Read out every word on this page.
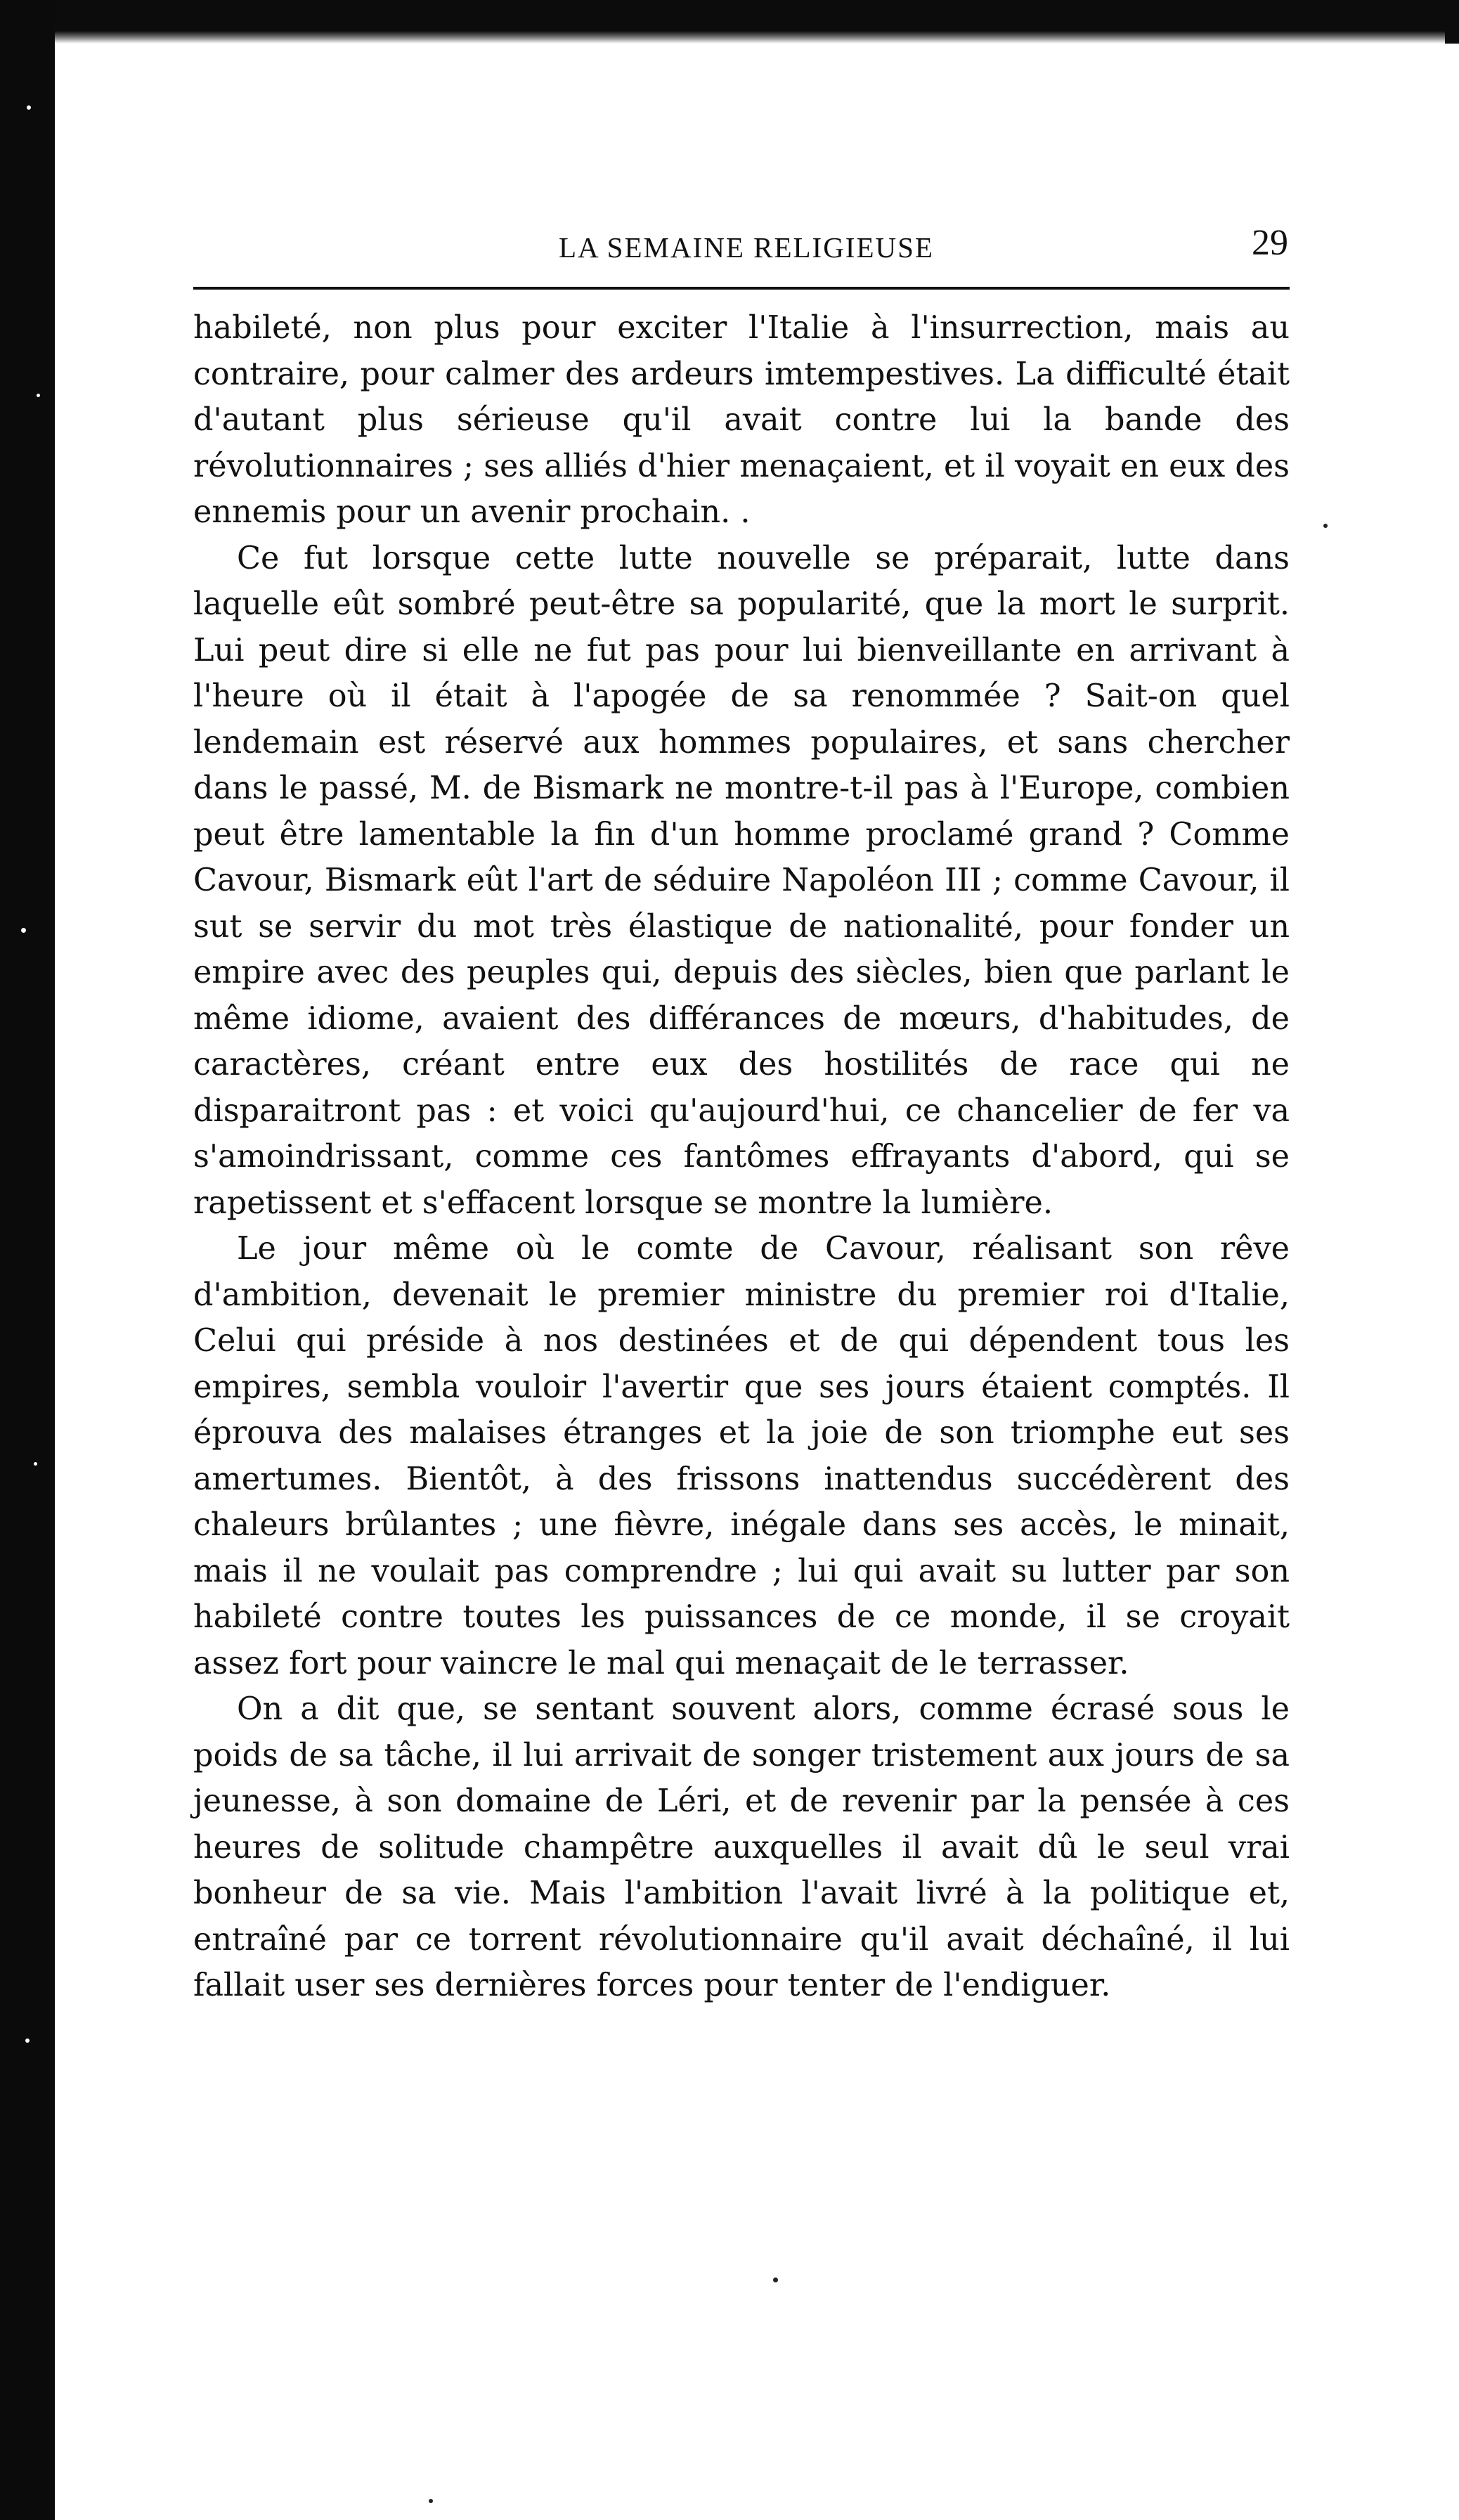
LA SEMAINE RELIGIEUSE	29

habileté, non plus pour exciter l'Italie à l'insurrection, mais au contraire, pour calmer des ardeurs imtempestives. La difficulté était d'autant plus sérieuse qu'il avait contre lui la bande des révolutionnaires ; ses alliés d'hier menaçaient, et il voyait en eux des ennemis pour un avenir prochain. .

Ce fut lorsque cette lutte nouvelle se préparait, lutte dans laquelle eût sombré peut-être sa popularité, que la mort le surprit. Lui peut dire si elle ne fut pas pour lui bienveillante en arrivant à l'heure où il était à l'apogée de sa renommée ? Sait-on quel lendemain est réservé aux hommes populaires, et sans chercher dans le passé, M. de Bismark ne montre-t-il pas à l'Europe, combien peut être lamentable la fin d'un homme proclamé grand ? Comme Cavour, Bismark eût l'art de séduire Napoléon III ; comme Cavour, il sut se servir du mot très élastique de nationalité, pour fonder un empire avec des peuples qui, depuis des siècles, bien que parlant le même idiome, avaient des différances de mœurs, d'habitudes, de caractères, créant entre eux des hostilités de race qui ne disparaitront pas : et voici qu'aujourd'hui, ce chancelier de fer va s'amoindrissant, comme ces fantômes effrayants d'abord, qui se rapetissent et s'effacent lorsque se montre la lumière.

Le jour même où le comte de Cavour, réalisant son rêve d'ambition, devenait le premier ministre du premier roi d'Italie, Celui qui préside à nos destinées et de qui dépendent tous les empires, sembla vouloir l'avertir que ses jours étaient comptés. Il éprouva des malaises étranges et la joie de son triomphe eut ses amertumes. Bientôt, à des frissons inattendus succédèrent des chaleurs brûlantes ; une fièvre, inégale dans ses accès, le minait, mais il ne voulait pas comprendre ; lui qui avait su lutter par son habileté contre toutes les puissances de ce monde, il se croyait assez fort pour vaincre le mal qui menaçait de le terrasser.

On a dit que, se sentant souvent alors, comme écrasé sous le poids de sa tâche, il lui arrivait de songer tristement aux jours de sa jeunesse, à son domaine de Léri, et de revenir par la pensée à ces heures de solitude champêtre auxquelles il avait dû le seul vrai bonheur de sa vie. Mais l'ambition l'avait livré à la politique et, entraîné par ce torrent révolutionnaire qu'il avait déchaîné, il lui fallait user ses dernières forces pour tenter de l'endiguer.
